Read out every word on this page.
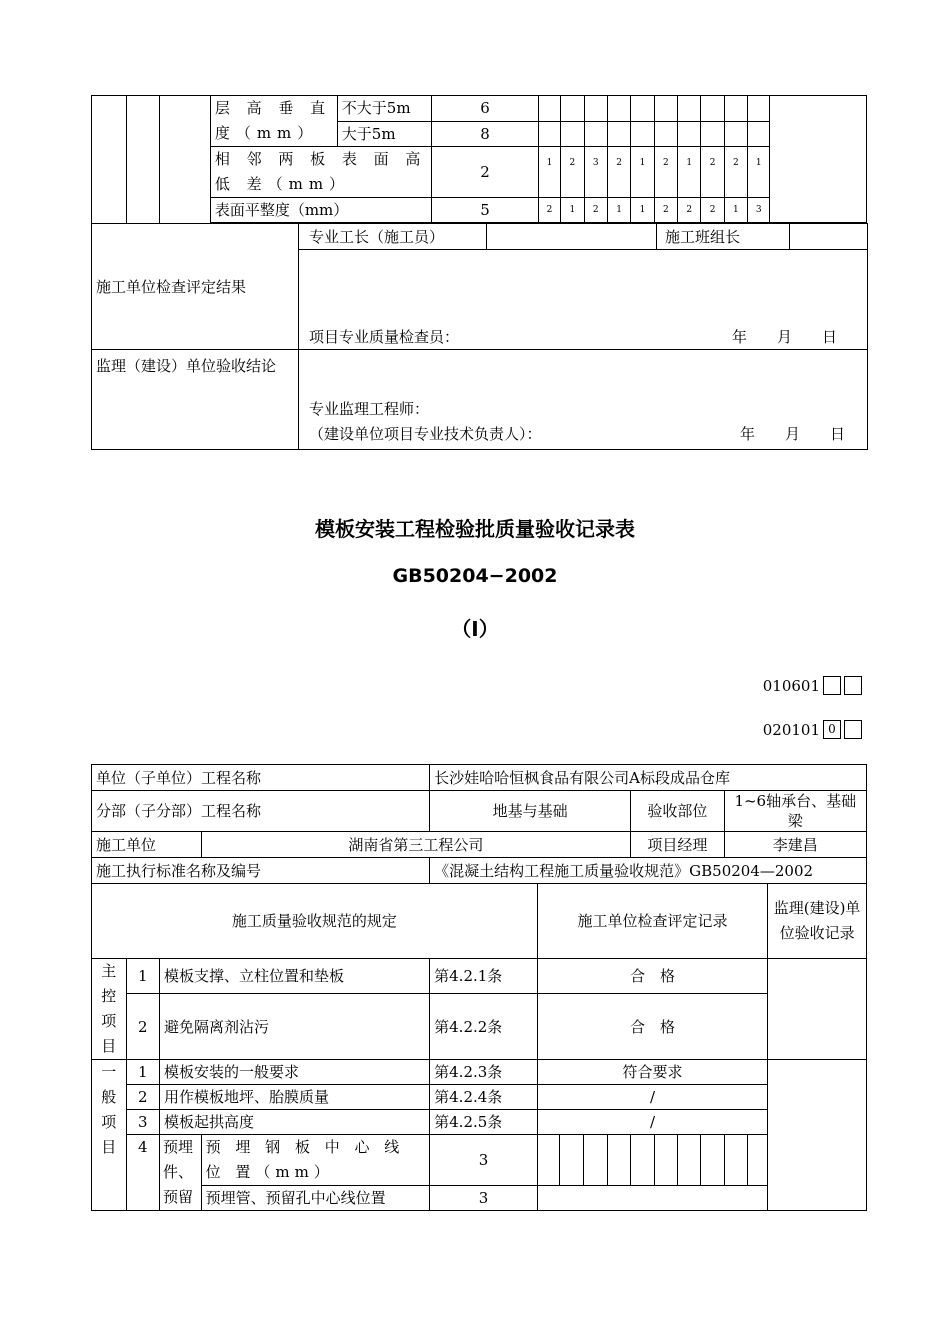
			层 高 垂 直 度（mm）	不大于5m	6											
				大于5m	8											
			相 邻 两 板 表 面 高 低 差（mm）		2	1	2	3	2	1	2	1	2	2	1	
			表面平整度（mm）		5	2	1	2	1	1	2	2	2	1	3	

施工单位检查评定结果	专业工长（施工员）		施工班组长	

	项目专业质量检查员： 年　　月　　日			

监理（建设）单位验收结论	专业监理工程师：
（建设单位项目专业技术负责人）： 年　　月　　日			
模板安装工程检验批质量验收记录表
GB50204−2002
（Ⅰ）
010601
020101 0
单位（子单位）工程名称				长沙娃哈哈恒枫食品有限公司A标段成品仓库											
分部（子分部）工程名称				地基与基础					验收部位				1~6轴承台、基础梁		
施工单位			湖南省第三工程公司						项目经理				李建昌		
施工执行标准名称及编号				《混凝土结构工程施工质量验收规范》GB50204—2002											
施工质量验收规范的规定					施工单位检查评定记录										监理(建设)单位验收记录
主控项目	1	模板支撑、立柱位置和垫板		第4.2.1条	合　格										
	2	避免隔离剂沾污		第4.2.2条	合　格										
一般项目	1	模板安装的一般要求		第4.2.3条	符合要求										
	2	用作模板地坪、胎膜质量		第4.2.4条	/										
	3	模板起拱高度		第4.2.5条	/										
	4	预埋件、预留	预 埋 钢 板 中 心 线 位 置（mm）	3											
			预埋管、预留孔中心线位置	3											
